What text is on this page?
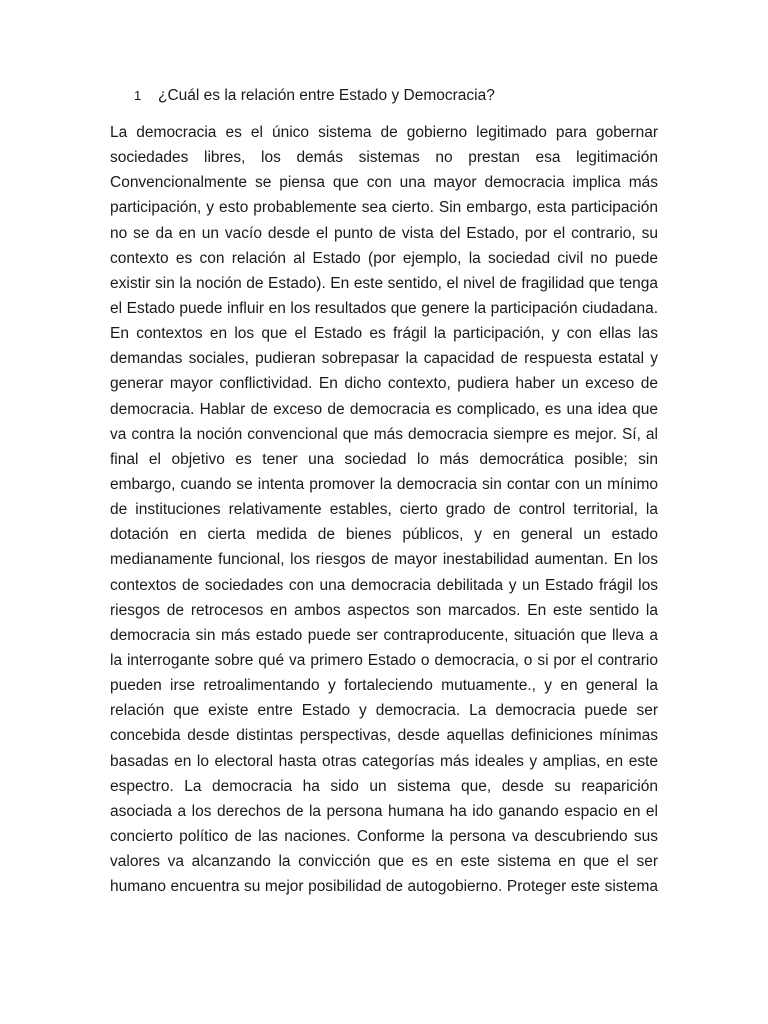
1 ¿Cuál es la relación entre Estado y Democracia?
La democracia es el único sistema de gobierno legitimado para gobernar
sociedades libres, los demás sistemas no prestan esa legitimación
Convencionalmente se piensa que con una mayor democracia implica más
participación, y esto probablemente sea cierto. Sin embargo, esta participación
no se da en un vacío desde el punto de vista del Estado, por el contrario, su
contexto es con relación al Estado (por ejemplo, la sociedad civil no puede
existir sin la noción de Estado). En este sentido, el nivel de fragilidad que tenga
el Estado puede influir en los resultados que genere la participación ciudadana.
En contextos en los que el Estado es frágil la participación, y con ellas las
demandas sociales, pudieran sobrepasar la capacidad de respuesta estatal y
generar mayor conflictividad. En dicho contexto, pudiera haber un exceso de
democracia. Hablar de exceso de democracia es complicado, es una idea que
va contra la noción convencional que más democracia siempre es mejor. Sí, al
final el objetivo es tener una sociedad lo más democrática posible; sin
embargo, cuando se intenta promover la democracia sin contar con un mínimo
de instituciones relativamente estables, cierto grado de control territorial, la
dotación en cierta medida de bienes públicos, y en general un estado
medianamente funcional, los riesgos de mayor inestabilidad aumentan. En los
contextos de sociedades con una democracia debilitada y un Estado frágil los
riesgos de retrocesos en ambos aspectos son marcados. En este sentido la
democracia sin más estado puede ser contraproducente, situación que lleva a
la interrogante sobre qué va primero Estado o democracia, o si por el contrario
pueden irse retroalimentando y fortaleciendo mutuamente., y en general la
relación que existe entre Estado y democracia. La democracia puede ser
concebida desde distintas perspectivas, desde aquellas definiciones mínimas
basadas en lo electoral hasta otras categorías más ideales y amplias, en este
espectro. La democracia ha sido un sistema que, desde su reaparición
asociada a los derechos de la persona humana ha ido ganando espacio en el
concierto político de las naciones. Conforme la persona va descubriendo sus
valores va alcanzando la convicción que es en este sistema en que el ser
humano encuentra su mejor posibilidad de autogobierno. Proteger este sistema
